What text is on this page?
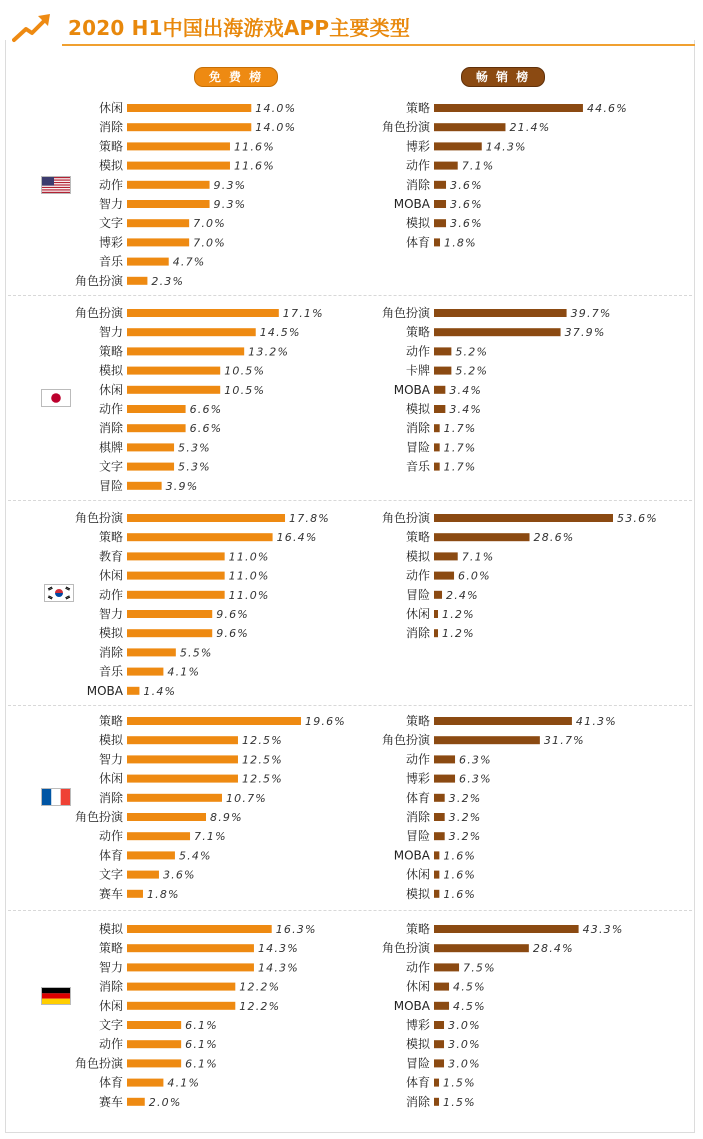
2020 H1中国出海游戏APP主要类型
免 费 榜	畅 销 榜
休闲	14.0%
消除	14.0%
策略	11.6%
模拟	11.6%
动作	9.3%
智力	9.3%
文字	7.0%
博彩	7.0%
音乐	4.7%
角色扮演	2.3%
策略	44.6%
角色扮演	21.4%
博彩	14.3%
动作	7.1%
消除 3.6%
MOBA 3.6%
模拟 3.6%
体育 1.8%
角色扮演	17.1%
智力	14.5%
策略	13.2%
模拟	10.5%
休闲	10.5%
动作	6.6%
消除	6.6%
棋牌	5.3%
文字	5.3%
冒险	3.9%
角色扮演	39.7%
策略	37.9%
动作 5.2%
卡牌 5.2%
MOBA 3.4%
模拟 3.4%
消除 1.7%
冒险 1.7%
音乐 1.7%
角色扮演	17.8%
策略	16.4%
教育	11.0%
休闲	11.0%
动作	11.0%
智力	9.6%
模拟	9.6%
消除	5.5%
音乐	4.1%
MOBA 1.4%
角色扮演	53.6%
策略	28.6%
模拟	7.1%
动作	6.0%
冒险 2.4%
休闲 1.2%
消除 1.2%
策略	19.6%
模拟	12.5%
智力	12.5%
休闲	12.5%
消除	10.7%
角色扮演	8.9%
动作	7.1%
体育	5.4%
文字	3.6%
赛车 1.8%
策略	41.3%
角色扮演	31.7%
动作	6.3%
博彩	6.3%
体育 3.2%
消除 3.2%
冒险 3.2%
MOBA 1.6%
休闲 1.6%
模拟 1.6%
模拟	16.3%
策略	14.3%
智力	14.3%
消除	12.2%
休闲	12.2%
文字	6.1%
动作	6.1%
角色扮演	6.1%
体育	4.1%
赛车 2.0%
策略	43.3%
角色扮演	28.4%
动作	7.5%
休闲 4.5%
MOBA 4.5%
博彩 3.0%
模拟 3.0%
冒险 3.0%
体育 1.5%
消除 1.5%
